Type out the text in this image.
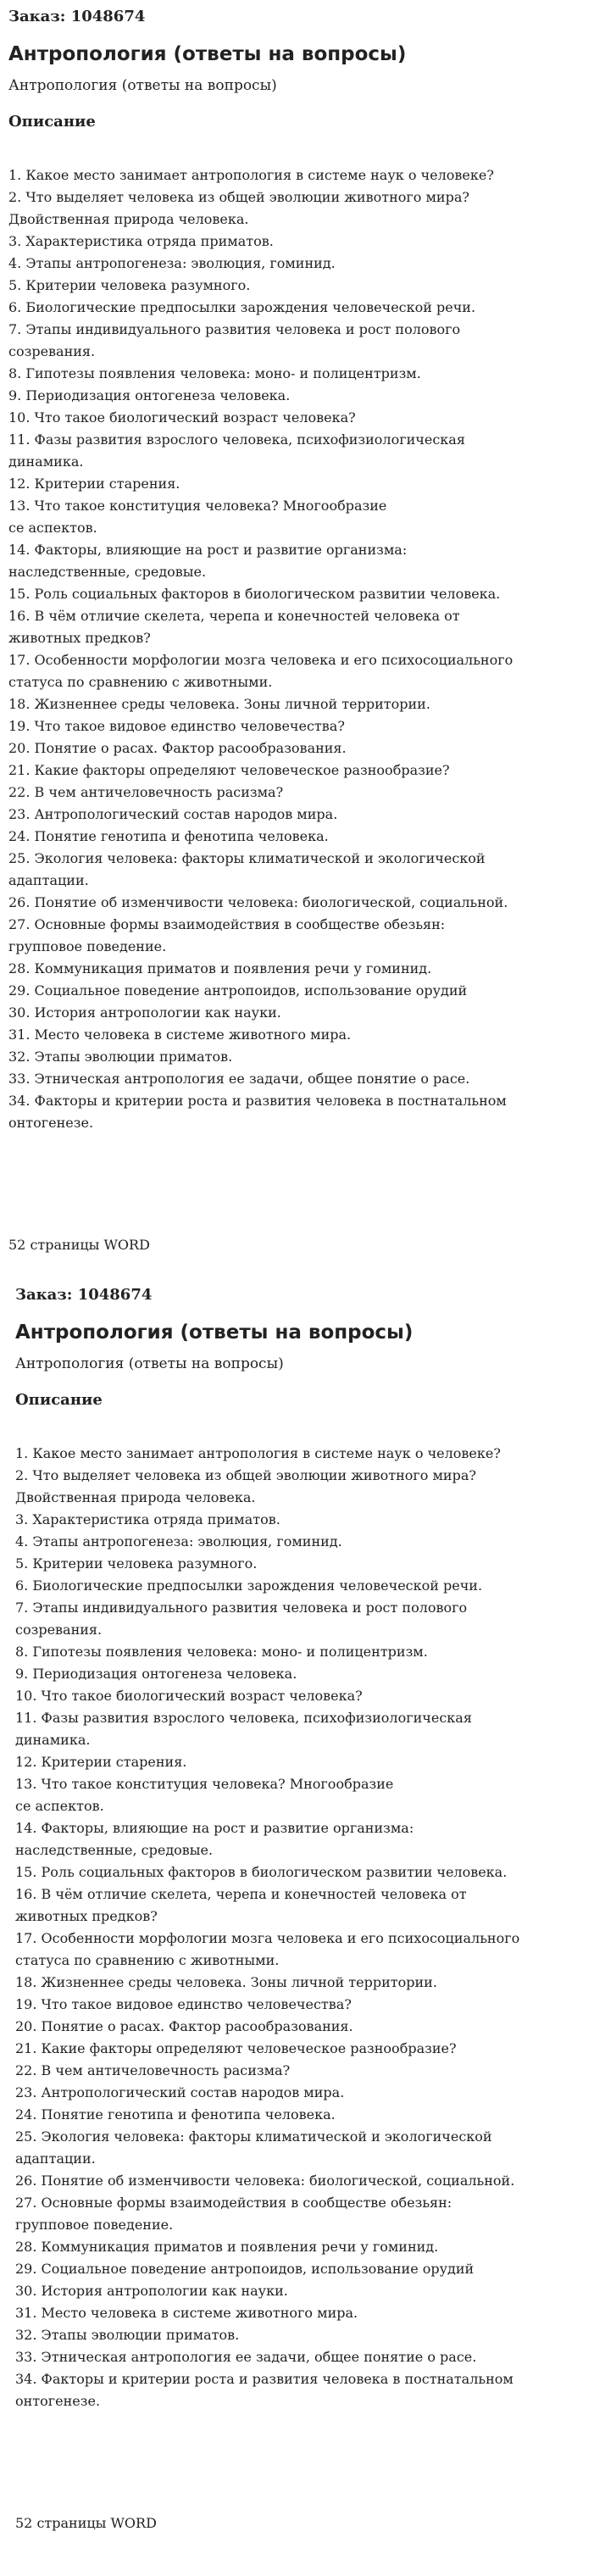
Заказ: 1048674
Антропология (ответы на вопросы)
Антропология (ответы на вопросы)
Описание
1. Какое место занимает антропология в системе наук о человеке?
2. Что выделяет человека из общей эволюции животного мира?
Двойственная природа человека.
3. Характеристика отряда приматов.
4. Этапы антропогенеза: эволюция, гоминид.
5. Критерии человека разумного.
6. Биологические предпосылки зарождения человеческой речи.
7. Этапы индивидуального развития человека и рост полового
созревания.
8. Гипотезы появления человека: моно- и полицентризм.
9. Периодизация онтогенеза человека.
10. Что такое биологический возраст человека?
11. Фазы развития взрослого человека, психофизиологическая
динамика.
12. Критерии старения.
13. Что такое конституция человека? Многообразие
се аспектов.
14. Факторы, влияющие на рост и развитие организма:
наследственные, средовые.
15. Роль социальных факторов в биологическом развитии человека.
16. В чём отличие скелета, черепа и конечностей человека от
животных предков?
17. Особенности морфологии мозга человека и его психосоциального
статуса по сравнению с животными.
18. Жизненнее среды человека. Зоны личной территории.
19. Что такое видовое единство человечества?
20. Понятие о расах. Фактор расообразования.
21. Какие факторы определяют человеческое разнообразие?
22. В чем античеловечность расизма?
23. Антропологический состав народов мира.
24. Понятие генотипа и фенотипа человека.
25. Экология человека: факторы климатической и экологической
адаптации.
26. Понятие об изменчивости человека: биологической, социальной.
27. Основные формы взаимодействия в сообществе обезьян:
групповое поведение.
28. Коммуникация приматов и появления речи у гоминид.
29. Социальное поведение антропоидов, использование орудий
30. История антропологии как науки.
31. Место человека в системе животного мира.
32. Этапы эволюции приматов.
33. Этническая антропология ее задачи, общее понятие о расе.
34. Факторы и критерии роста и развития человека в постнатальном
онтогенезе.
52 страницы WORD
Заказ: 1048674
Антропология (ответы на вопросы)
Антропология (ответы на вопросы)
Описание
1. Какое место занимает антропология в системе наук о человеке?
2. Что выделяет человека из общей эволюции животного мира?
Двойственная природа человека.
3. Характеристика отряда приматов.
4. Этапы антропогенеза: эволюция, гоминид.
5. Критерии человека разумного.
6. Биологические предпосылки зарождения человеческой речи.
7. Этапы индивидуального развития человека и рост полового
созревания.
8. Гипотезы появления человека: моно- и полицентризм.
9. Периодизация онтогенеза человека.
10. Что такое биологический возраст человека?
11. Фазы развития взрослого человека, психофизиологическая
динамика.
12. Критерии старения.
13. Что такое конституция человека? Многообразие
се аспектов.
14. Факторы, влияющие на рост и развитие организма:
наследственные, средовые.
15. Роль социальных факторов в биологическом развитии человека.
16. В чём отличие скелета, черепа и конечностей человека от
животных предков?
17. Особенности морфологии мозга человека и его психосоциального
статуса по сравнению с животными.
18. Жизненнее среды человека. Зоны личной территории.
19. Что такое видовое единство человечества?
20. Понятие о расах. Фактор расообразования.
21. Какие факторы определяют человеческое разнообразие?
22. В чем античеловечность расизма?
23. Антропологический состав народов мира.
24. Понятие генотипа и фенотипа человека.
25. Экология человека: факторы климатической и экологической
адаптации.
26. Понятие об изменчивости человека: биологической, социальной.
27. Основные формы взаимодействия в сообществе обезьян:
групповое поведение.
28. Коммуникация приматов и появления речи у гоминид.
29. Социальное поведение антропоидов, использование орудий
30. История антропологии как науки.
31. Место человека в системе животного мира.
32. Этапы эволюции приматов.
33. Этническая антропология ее задачи, общее понятие о расе.
34. Факторы и критерии роста и развития человека в постнатальном
онтогенезе.
52 страницы WORD
